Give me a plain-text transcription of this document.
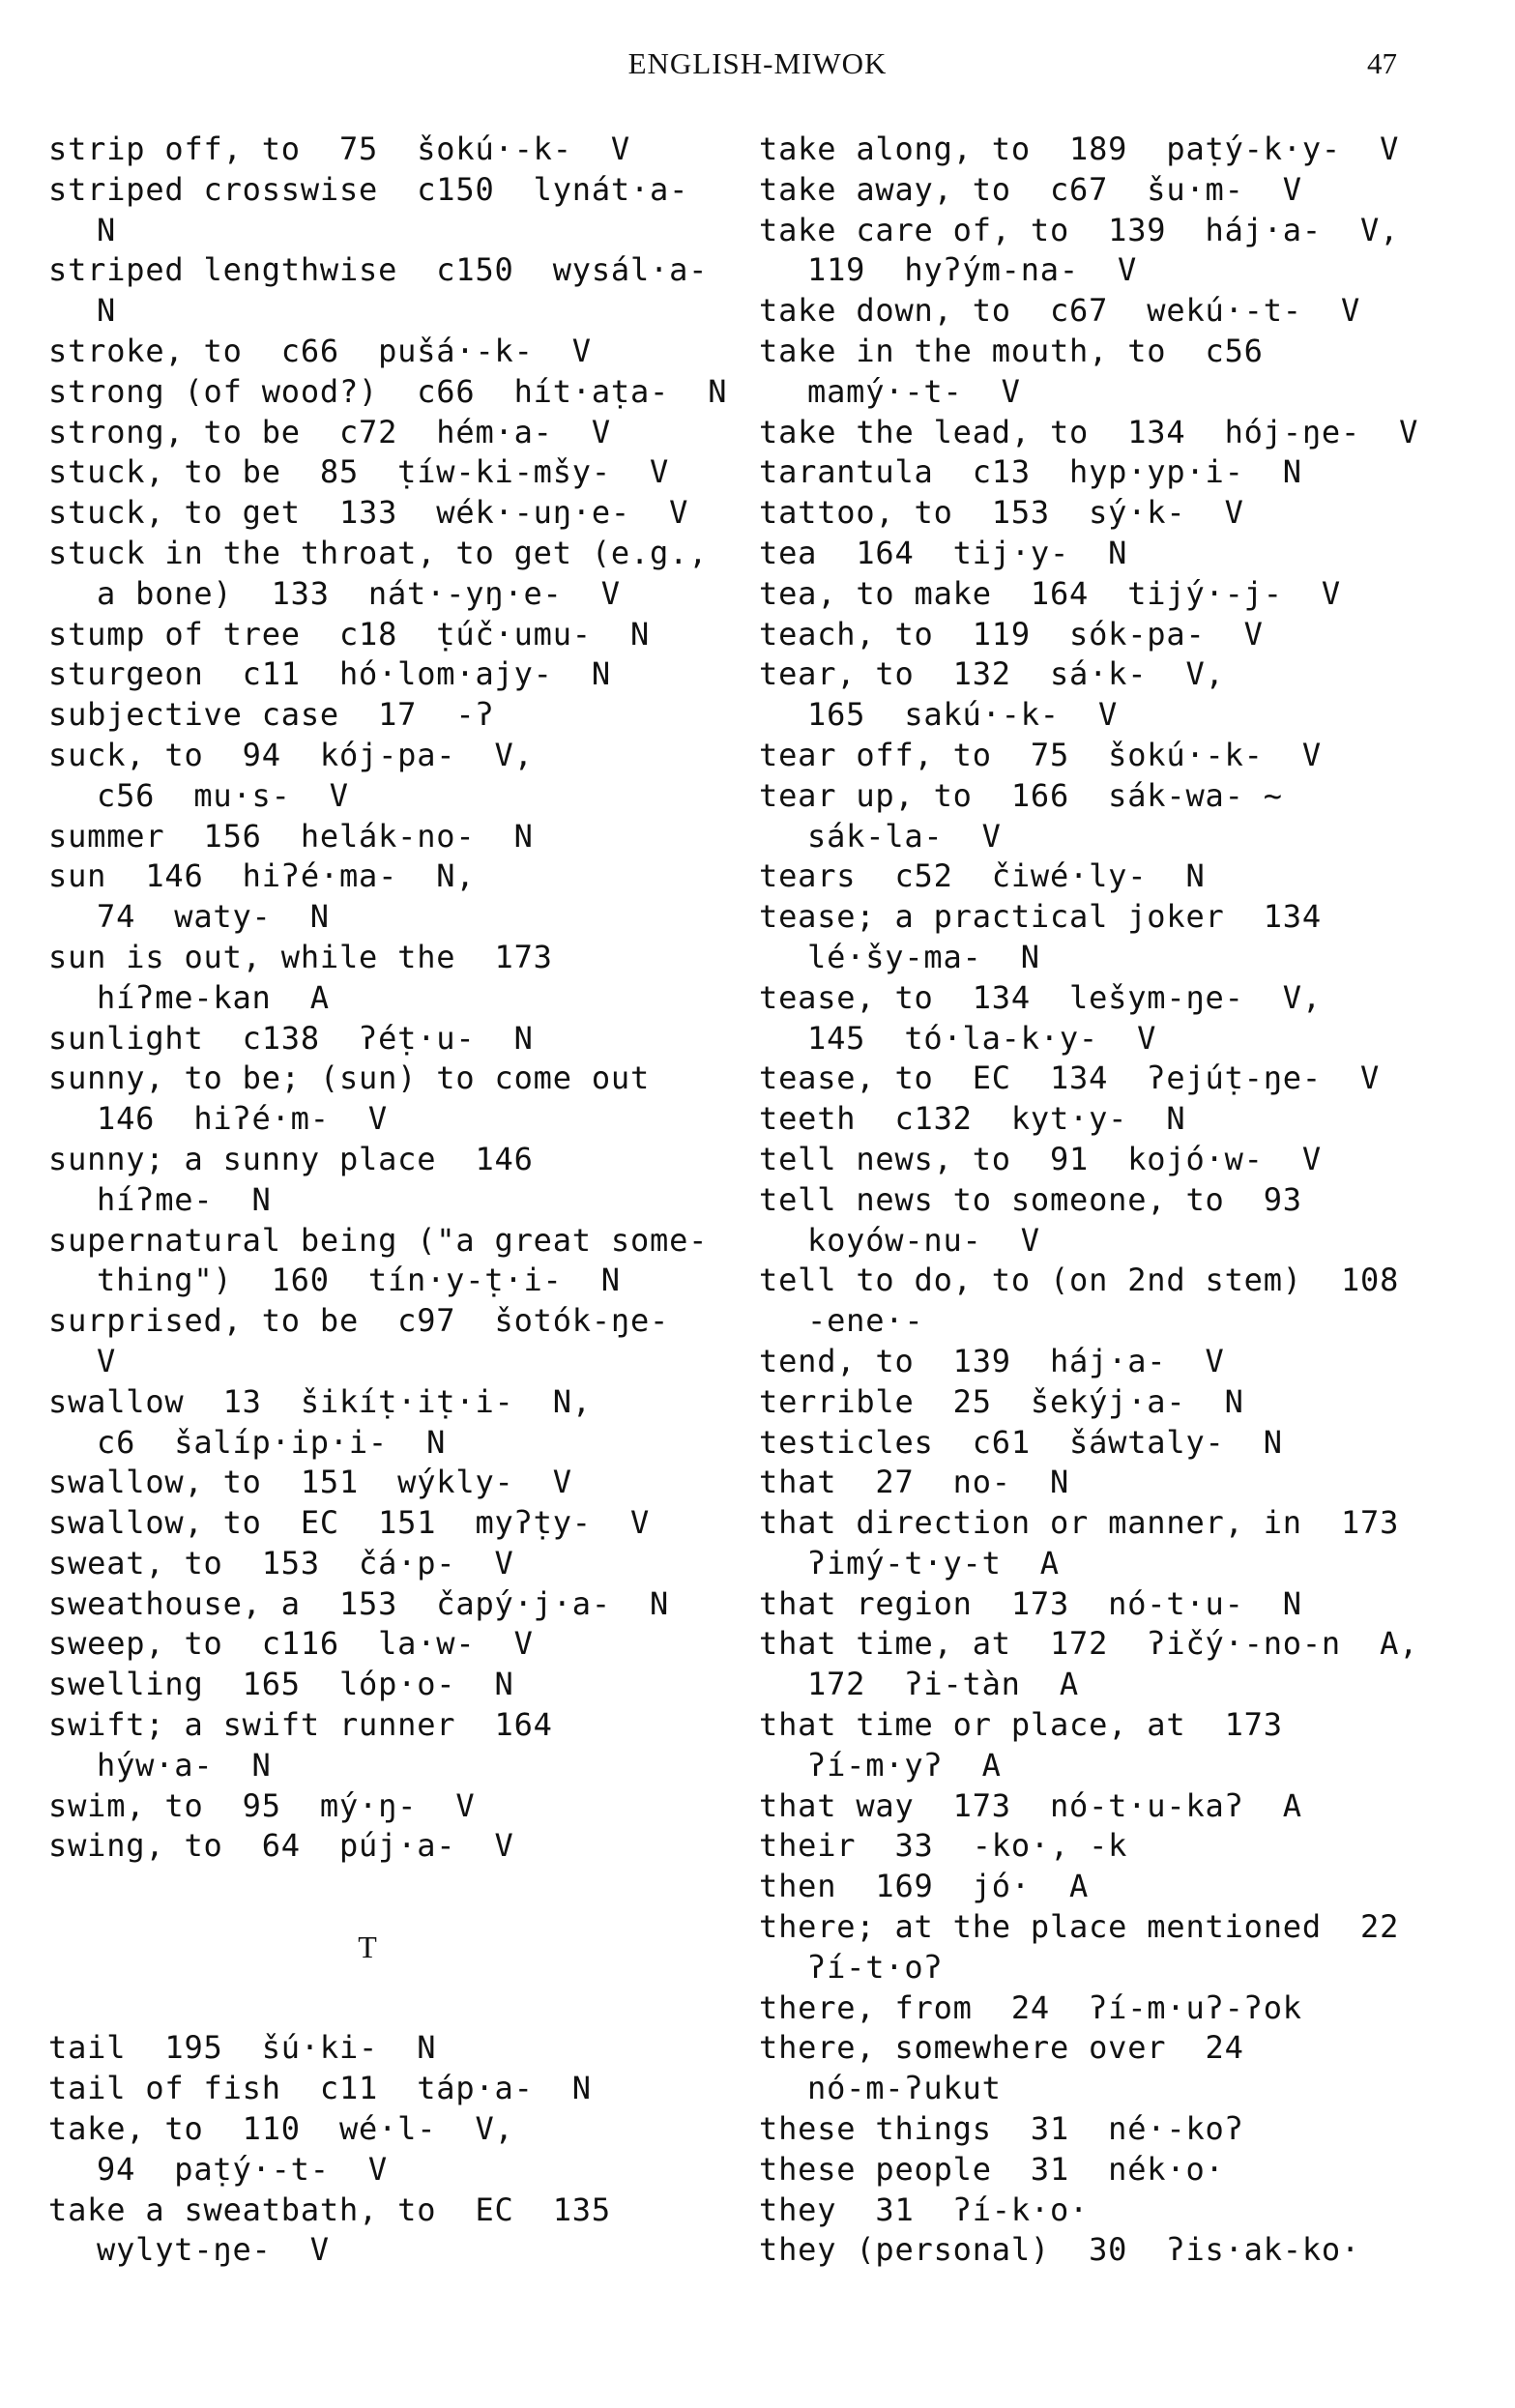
ENGLISH-MIWOK	47
strip off, to  75  šokú·-k-  V
striped crosswise  c150  lynát·a-
N
striped lengthwise  c150  wysál·a-
N
stroke, to  c66  pušá·-k-  V
strong (of wood?)  c66  hít·aṭa-  N
strong, to be  c72  hém·a-  V
stuck, to be  85  ṭíw-ki-mšy-  V
stuck, to get  133  wék·-uŋ·e-  V
stuck in the throat, to get (e.g.,
a bone)  133  nát·-yŋ·e-  V
stump of tree  c18  ṭúč·umu-  N
sturgeon  c11  hó·lom·ajy-  N
subjective case  17  -ʔ
suck, to  94  kój-pa-  V,
c56  mu·s-  V
summer  156  helák-no-  N
sun  146  hiʔé·ma-  N,
74  waty-  N
sun is out, while the  173
híʔme-kan  A
sunlight  c138  ʔéṭ·u-  N
sunny, to be; (sun) to come out
146  hiʔé·m-  V
sunny; a sunny place  146
híʔme-  N
supernatural being ("a great some-
thing")  160  tín·y-ṭ·i-  N
surprised, to be  c97  šotók-ŋe-
V
swallow  13  šikíṭ·iṭ·i-  N,
c6  šalíp·ip·i-  N
swallow, to  151  wýkly-  V
swallow, to  EC  151  myʔṭy-  V
sweat, to  153  čá·p-  V
sweathouse, a  153  čapý·j·a-  N
sweep, to  c116  la·w-  V
swelling  165  lóp·o-  N
swift; a swift runner  164
hýw·a-  N
swim, to  95  mý·ŋ-  V
swing, to  64  púj·a-  V
T
tail  195  šú·ki-  N
tail of fish  c11  táp·a-  N
take, to  110  wé·l-  V,
94  paṭý·-t-  V
take a sweatbath, to  EC  135
wylyt-ŋe-  V
take along, to  189  paṭý-k·y-  V
take away, to  c67  šu·m-  V
take care of, to  139  háj·a-  V,
119  hyʔým-na-  V
take down, to  c67  wekú·-t-  V
take in the mouth, to  c56
mamý·-t-  V
take the lead, to  134  hój-ŋe-  V
tarantula  c13  hyp·yp·i-  N
tattoo, to  153  sý·k-  V
tea  164  tij·y-  N
tea, to make  164  tijý·-j-  V
teach, to  119  sók-pa-  V
tear, to  132  sá·k-  V,
165  sakú·-k-  V
tear off, to  75  šokú·-k-  V
tear up, to  166  sák-wa- ~
sák-la-  V
tears  c52  čiwé·ly-  N
tease; a practical joker  134
lé·šy-ma-  N
tease, to  134  lešym-ŋe-  V,
145  tó·la-k·y-  V
tease, to  EC  134  ʔejúṭ-ŋe-  V
teeth  c132  kyt·y-  N
tell news, to  91  kojó·w-  V
tell news to someone, to  93
koyów-nu-  V
tell to do, to (on 2nd stem)  108
-ene·-
tend, to  139  háj·a-  V
terrible  25  šekýj·a-  N
testicles  c61  šáwtaly-  N
that  27  no-  N
that direction or manner, in  173
ʔimý-t·y-t  A
that region  173  nó-t·u-  N
that time, at  172  ʔičý·-no-n  A,
172  ʔi-tàn  A
that time or place, at  173
ʔí-m·yʔ  A
that way  173  nó-t·u-kaʔ  A
their  33  -ko·, -k
then  169  jó·  A
there; at the place mentioned  22
ʔí-t·oʔ
there, from  24  ʔí-m·uʔ-ʔok
there, somewhere over  24
nó-m-ʔukut
these things  31  né·-koʔ
these people  31  nék·o·
they  31  ʔí-k·o·
they (personal)  30  ʔis·ak-ko·
